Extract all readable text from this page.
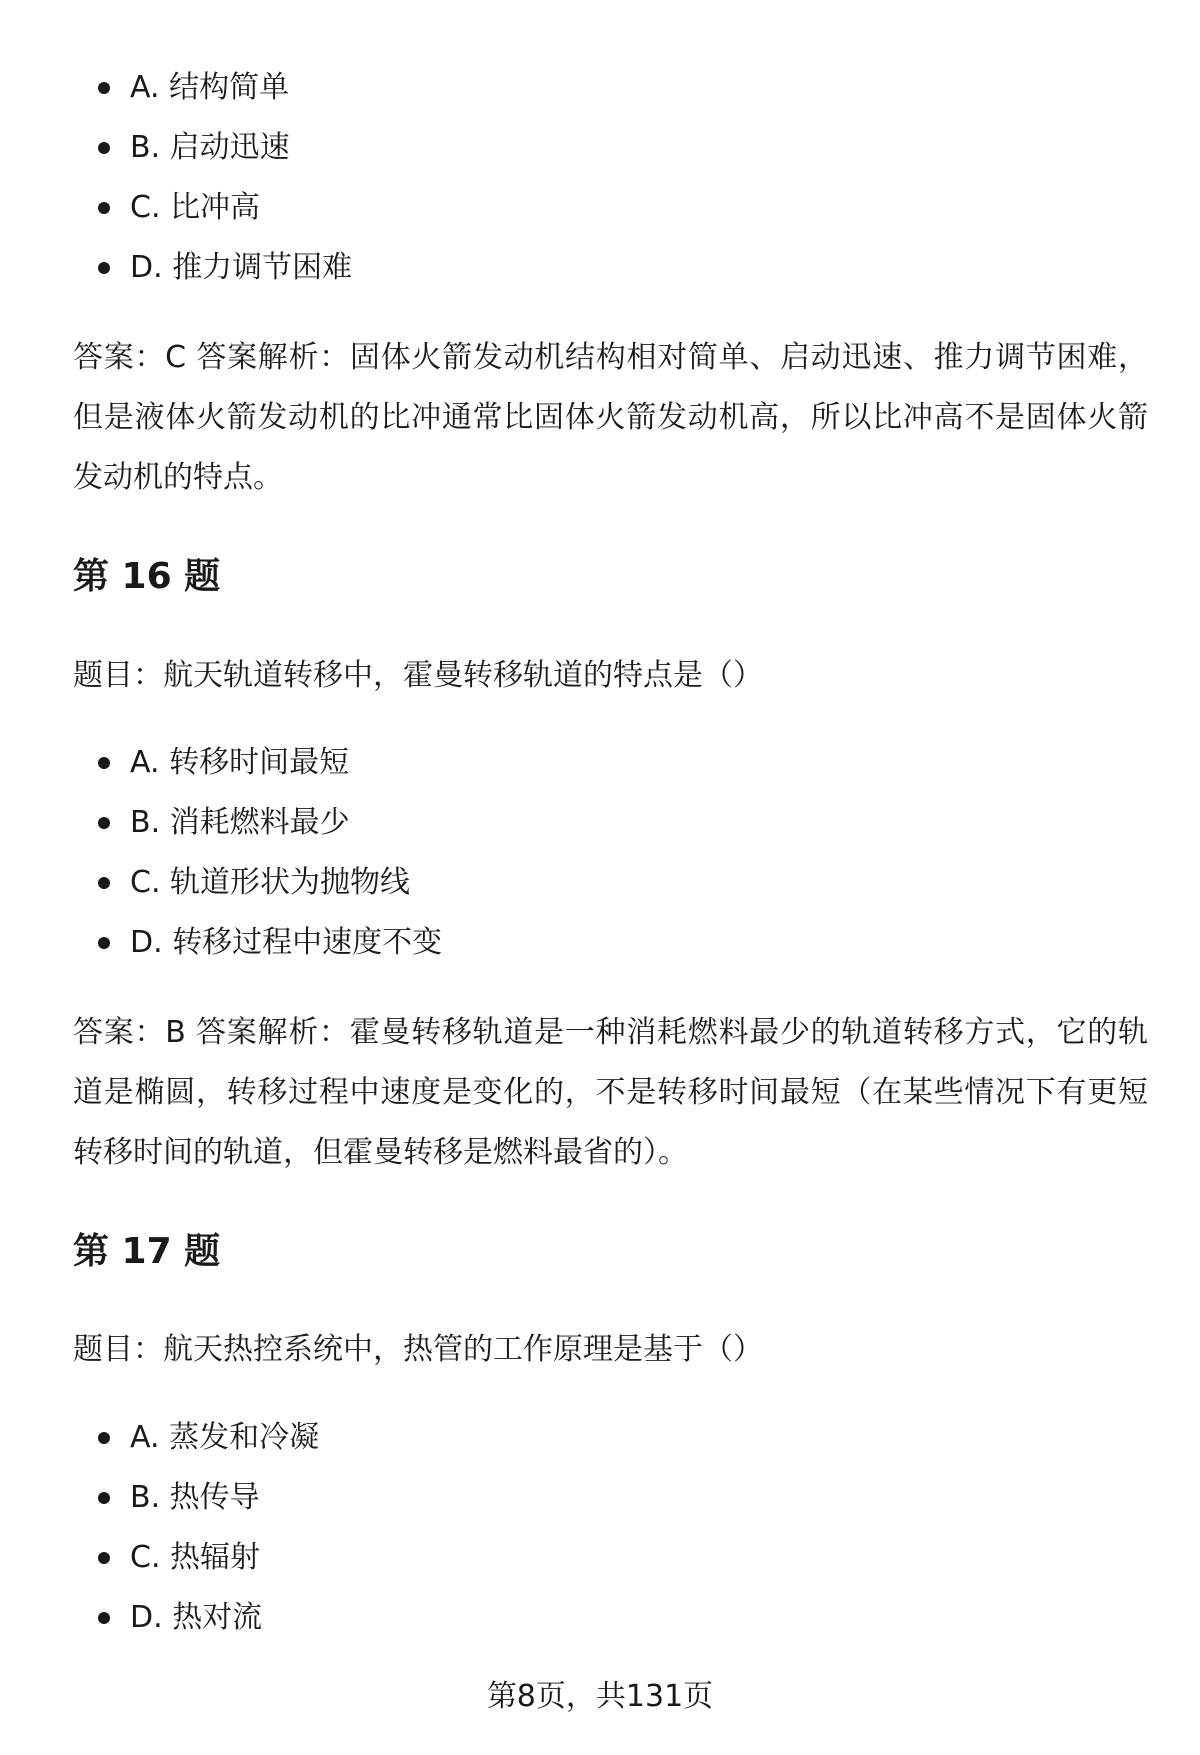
A. 结构简单
B. 启动迅速
C. 比冲高
D. 推力调节困难

答案：C 答案解析：固体火箭发动机结构相对简单、启动迅速、推力调节困难，但是液体火箭发动机的比冲通常比固体火箭发动机高，所以比冲高不是固体火箭发动机的特点。

第 16 题

题目：航天轨道转移中，霍曼转移轨道的特点是（）

A. 转移时间最短
B. 消耗燃料最少
C. 轨道形状为抛物线
D. 转移过程中速度不变

答案：B 答案解析：霍曼转移轨道是一种消耗燃料最少的轨道转移方式，它的轨道是椭圆，转移过程中速度是变化的，不是转移时间最短（在某些情况下有更短转移时间的轨道，但霍曼转移是燃料最省的）。

第 17 题

题目：航天热控系统中，热管的工作原理是基于（）

A. 蒸发和冷凝
B. 热传导
C. 热辐射
D. 热对流

第8页，共131页
